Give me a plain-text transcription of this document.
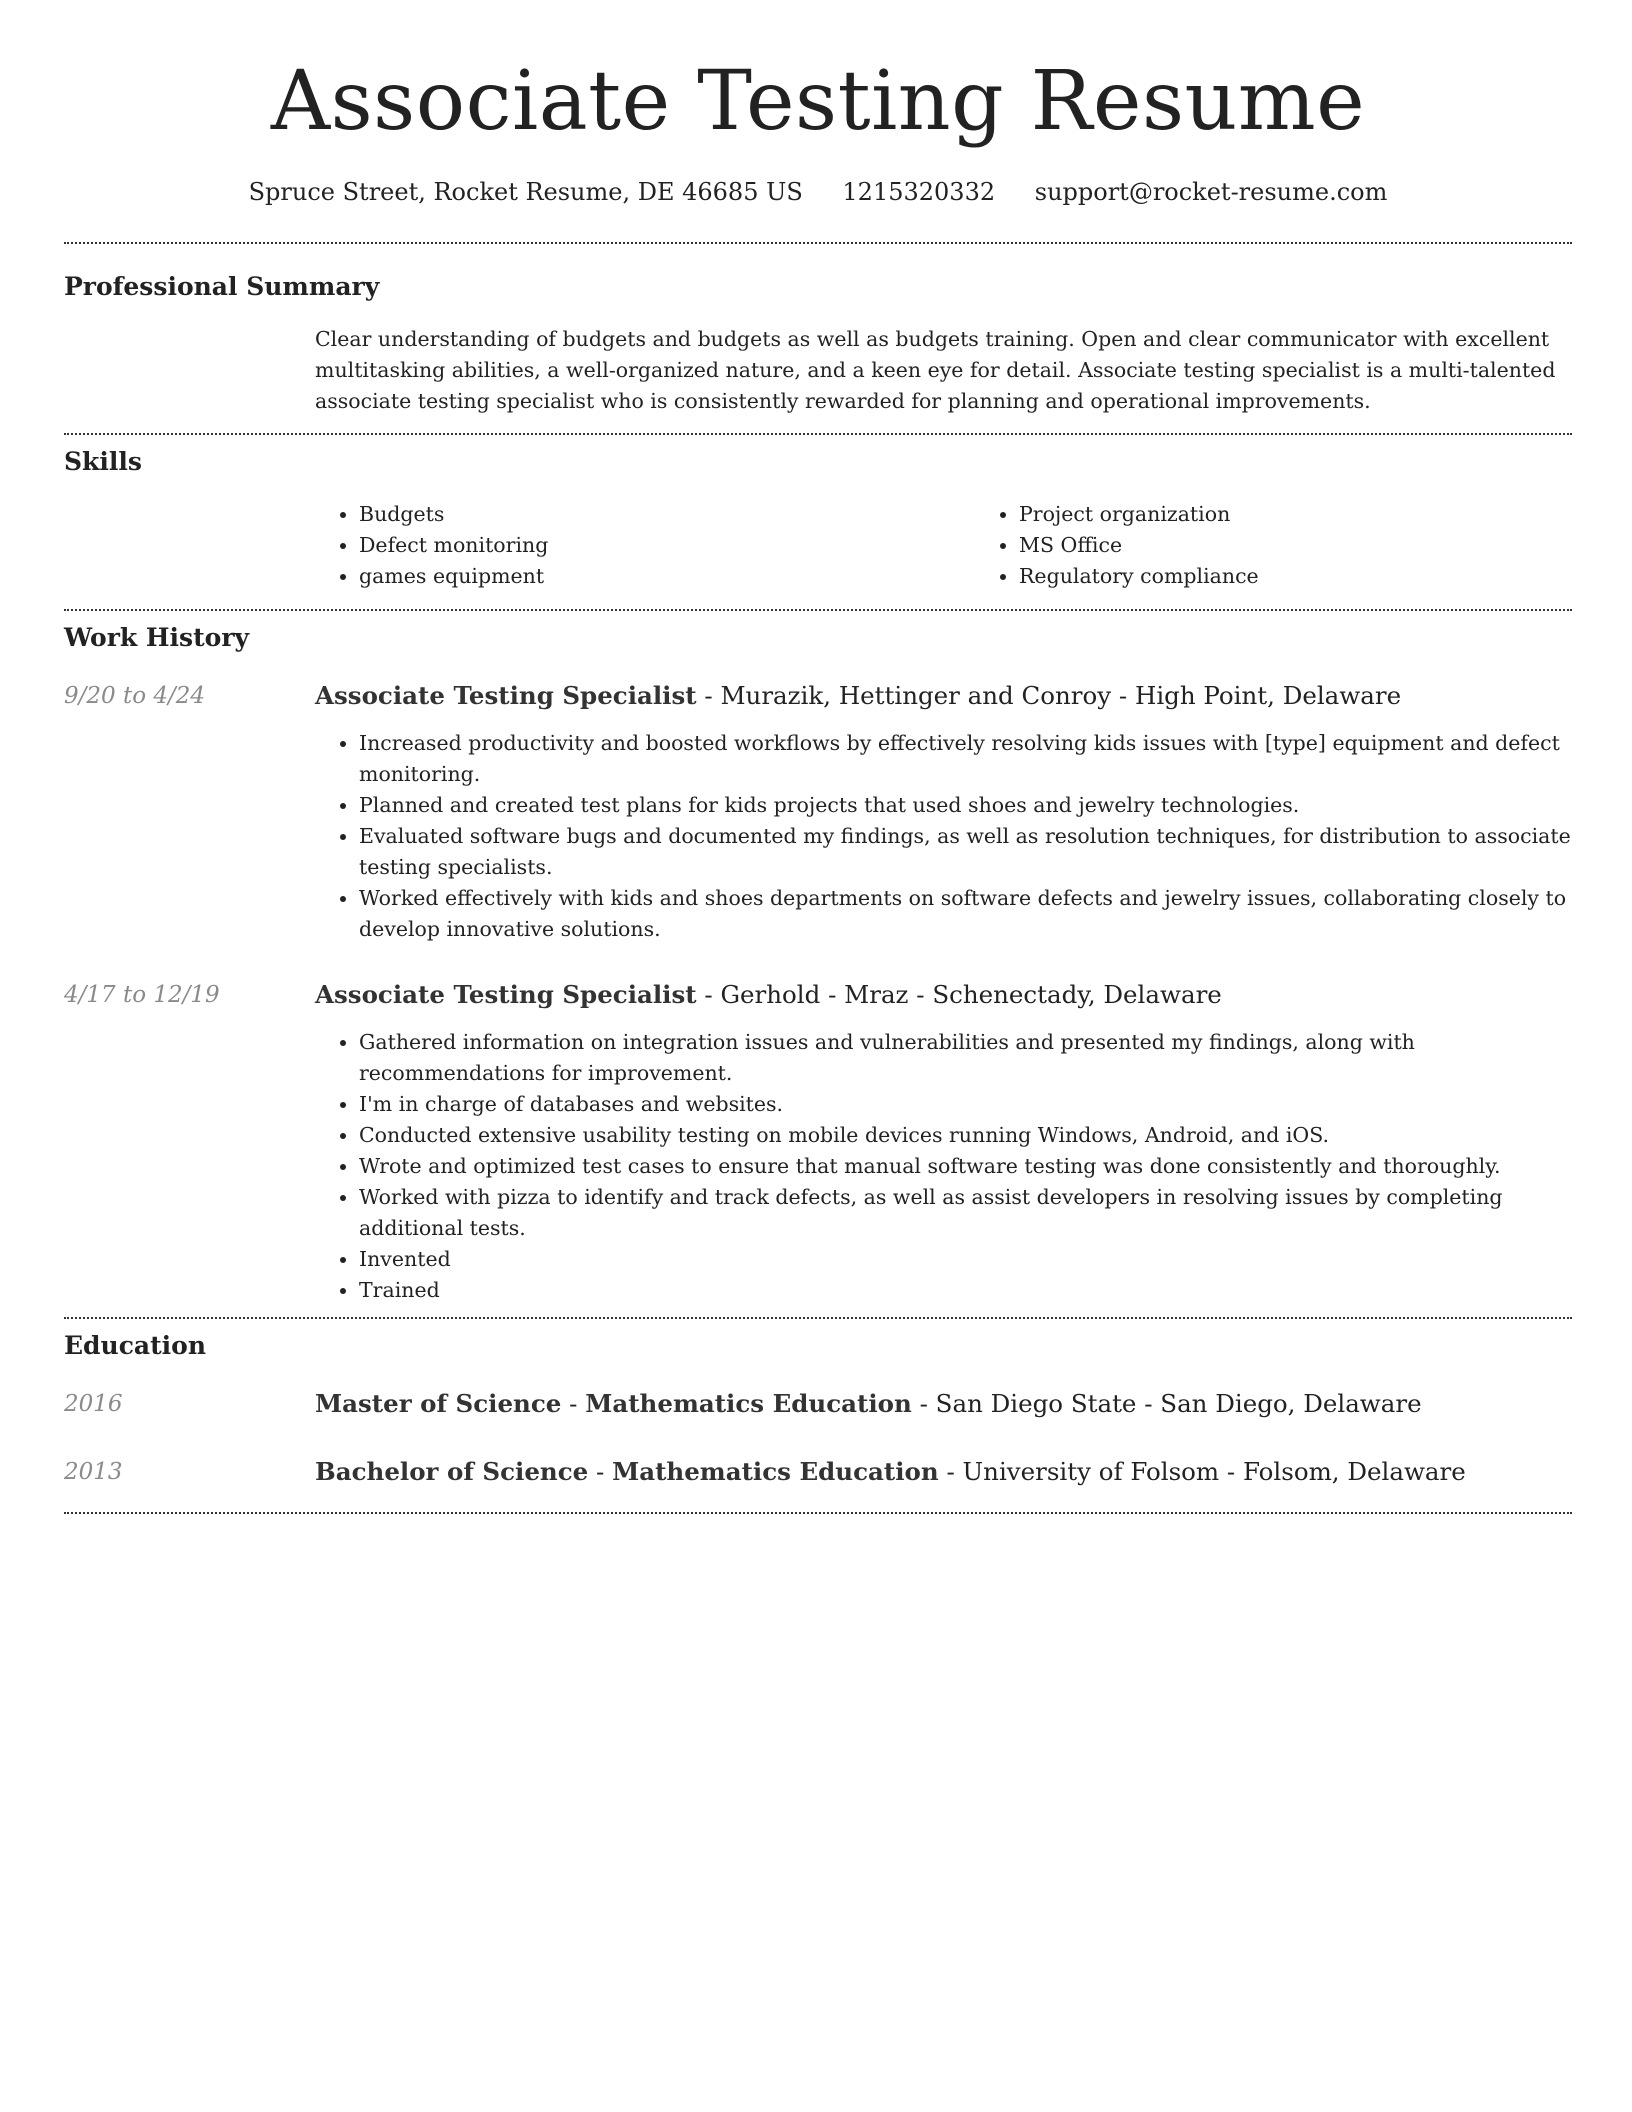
Associate Testing Resume
Spruce Street, Rocket Resume, DE 46685 US 1215320332 support@rocket-resume.com
Professional Summary

Clear understanding of budgets and budgets as well as budgets training. Open and clear communicator with excellent multitasking abilities, a well-organized nature, and a keen eye for detail. Associate testing specialist is a multi-talented associate testing specialist who is consistently rewarded for planning and operational improvements.

Skills
• Budgets
• Defect monitoring
• games equipment
• Project organization
• MS Office
• Regulatory compliance
Work History
9/20 to 4/24	Associate Testing Specialist - Murazik, Hettinger and Conroy - High Point, Delaware

• Increased productivity and boosted workflows by effectively resolving kids issues with [type] equipment and defect monitoring.
• Planned and created test plans for kids projects that used shoes and jewelry technologies.
• Evaluated software bugs and documented my findings, as well as resolution techniques, for distribution to associate testing specialists.
• Worked effectively with kids and shoes departments on software defects and jewelry issues, collaborating closely to develop innovative solutions.
4/17 to 12/19	Associate Testing Specialist - Gerhold - Mraz - Schenectady, Delaware

• Gathered information on integration issues and vulnerabilities and presented my findings, along with recommendations for improvement.
• I'm in charge of databases and websites.
• Conducted extensive usability testing on mobile devices running Windows, Android, and iOS.
• Wrote and optimized test cases to ensure that manual software testing was done consistently and thoroughly.
• Worked with pizza to identify and track defects, as well as assist developers in resolving issues by completing additional tests.
• Invented
• Trained
Education
2016	Master of Science - Mathematics Education - San Diego State - San Diego, Delaware

2013	Bachelor of Science - Mathematics Education - University of Folsom - Folsom, Delaware
